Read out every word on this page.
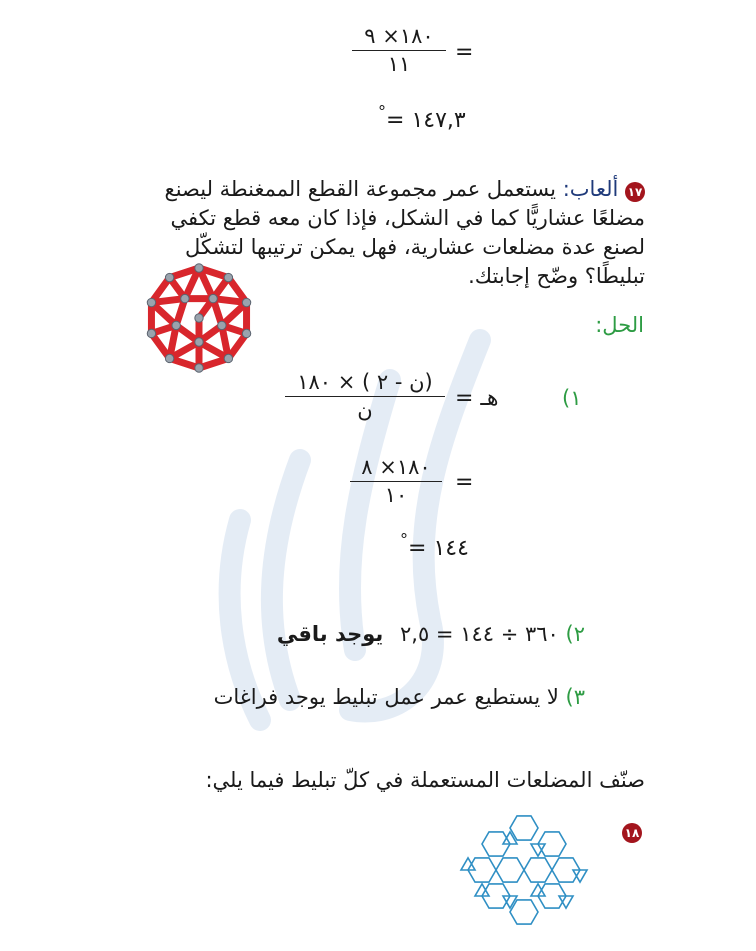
١٨٠× ٩
١١	=
°= ١٤٧,٣
١٧ ألعاب: يستعمل عمر مجموعة القطع الممغنطة ليصنع
مضلعًا عشاريًّا كما في الشكل، فإذا كان معه قطع تكفي
لصنع عدة مضلعات عشارية، فهل يمكن ترتيبها لتشكّل
تبليطًا؟ وضّح إجابتك.
الحل:
(ن - ٢ ) × ١٨٠
ن	هـ =	١)
١٨٠× ٨
١٠	=
°= ١٤٤
٢) ٣٦٠ ÷ ١٤٤ = ٢,٥ يوجد باقي
٣) لا يستطيع عمر عمل تبليط يوجد فراغات
صنّف المضلعات المستعملة في كلّ تبليط فيما يلي:
١٨
